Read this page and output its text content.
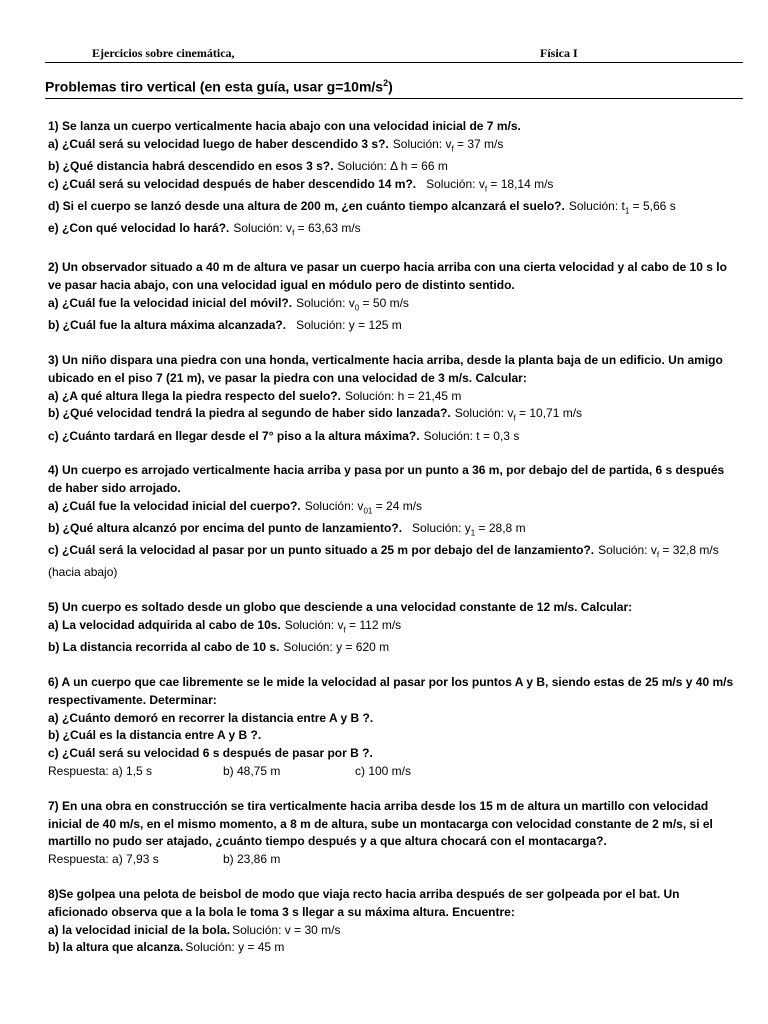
Ejercicios sobre cinemática,	Física I
Problemas tiro vertical (en esta guía, usar $g=10m/s^2$)
1) Se lanza un cuerpo verticalmente hacia abajo con una velocidad inicial de 7 m/s.
a) ¿Cuál será su velocidad luego de haber descendido 3 s?. Solución: $v_f = 37$ m/s
b) ¿Qué distancia habrá descendido en esos 3 s?. Solución: Δ h = 66 m
c) ¿Cuál será su velocidad después de haber descendido 14 m?. Solución: $v_f = 18,14$ m/s
d) Si el cuerpo se lanzó desde una altura de 200 m, ¿en cuánto tiempo alcanzará el suelo?. Solución: $t_1 = 5,66$ s
e) ¿Con qué velocidad lo hará?. Solución: $v_f = 63,63$ m/s
2) Un observador situado a 40 m de altura ve pasar un cuerpo hacia arriba con una cierta velocidad y al cabo de 10 s lo ve pasar hacia abajo, con una velocidad igual en módulo pero de distinto sentido.
a) ¿Cuál fue la velocidad inicial del móvil?. Solución: $v_0 = 50$ m/s
b) ¿Cuál fue la altura máxima alcanzada?. Solución: y = 125 m
3) Un niño dispara una piedra con una honda, verticalmente hacia arriba, desde la planta baja de un edificio. Un amigo ubicado en el piso 7 (21 m), ve pasar la piedra con una velocidad de 3 m/s. Calcular:
a) ¿A qué altura llega la piedra respecto del suelo?. Solución: h = 21,45 m
b) ¿Qué velocidad tendrá la piedra al segundo de haber sido lanzada?. Solución: $v_f = 10,71$ m/s
c) ¿Cuánto tardará en llegar desde el 7° piso a la altura máxima?. Solución: t = 0,3 s
4) Un cuerpo es arrojado verticalmente hacia arriba y pasa por un punto a 36 m, por debajo del de partida, 6 s después de haber sido arrojado.
a) ¿Cuál fue la velocidad inicial del cuerpo?. Solución: $v_{01} = 24$ m/s
b) ¿Qué altura alcanzó por encima del punto de lanzamiento?. Solución: $y_1 = 28,8$ m
c) ¿Cuál será la velocidad al pasar por un punto situado a 25 m por debajo del de lanzamiento?. Solución: $v_f = 32,8$ m/s (hacia abajo)
5) Un cuerpo es soltado desde un globo que desciende a una velocidad constante de 12 m/s. Calcular:
a) La velocidad adquirida al cabo de 10s. Solución: $v_f = 112$ m/s
b) La distancia recorrida al cabo de 10 s. Solución: y = 620 m
6) A un cuerpo que cae libremente se le mide la velocidad al pasar por los puntos A y B, siendo estas de 25 m/s y 40 m/s respectivamente. Determinar:
a) ¿Cuánto demoró en recorrer la distancia entre A y B ?.
b) ¿Cuál es la distancia entre A y B ?.
c) ¿Cuál será su velocidad 6 s después de pasar por B ?.
Respuesta: a) 1,5 s	b) 48,75 m	c) 100 m/s
7) En una obra en construcción se tira verticalmente hacia arriba desde los 15 m de altura un martillo con velocidad inicial de 40 m/s, en el mismo momento, a 8 m de altura, sube un montacarga con velocidad constante de 2 m/s, si el martillo no pudo ser atajado, ¿cuánto tiempo después y a que altura chocará con el montacarga?.
Respuesta: a) 7,93 s	b) 23,86 m
8)Se golpea una pelota de beisbol de modo que viaja recto hacia arriba después de ser golpeada por el bat. Un aficionado observa que a la bola le toma 3 s llegar a su máxima altura. Encuentre:
a) la velocidad inicial de la bola. Solución: v = 30 m/s
b) la altura que alcanza. Solución: y = 45 m
